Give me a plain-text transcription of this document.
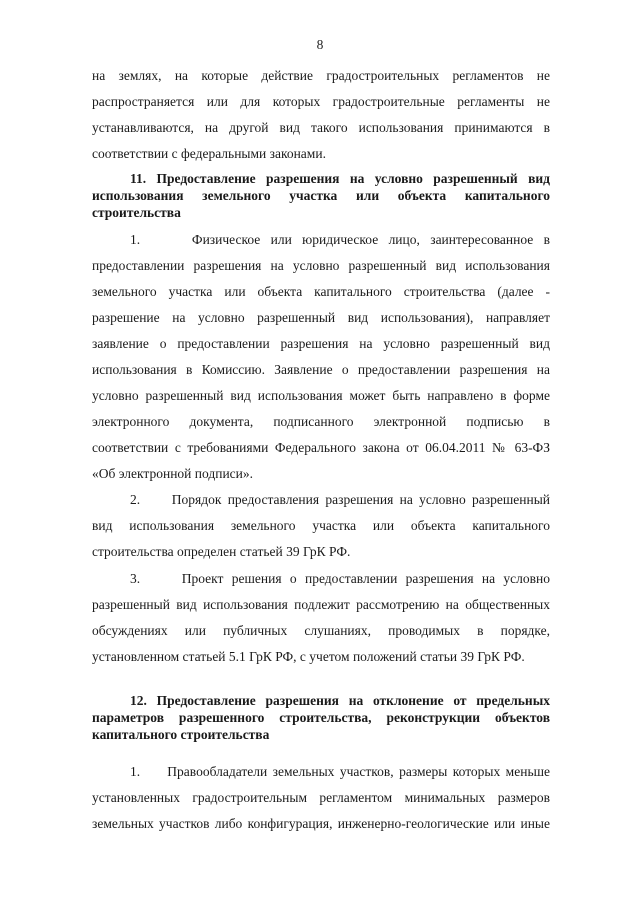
8

на землях, на которые действие градостроительных регламентов не

распространяется или для которых градостроительные регламенты не

устанавливаются, на другой вид такого использования принимаются в

соответствии с федеральными законами.

11. Предоставление разрешения на условно разрешенный вид

использования земельного участка или объекта капитального

строительства

1.     Физическое или юридическое лицо, заинтересованное в

предоставлении разрешения на условно разрешенный вид использования

земельного участка или объекта капитального строительства (далее -

разрешение на условно разрешенный вид использования), направляет

заявление о предоставлении разрешения на условно разрешенный вид

использования в Комиссию. Заявление о предоставлении разрешения на

условно разрешенный вид использования может быть направлено в форме

электронного документа, подписанного электронной подписью в

соответствии с требованиями Федерального закона от 06.04.2011 № 63-ФЗ

«Об электронной подписи».

2.     Порядок предоставления разрешения на условно разрешенный

вид использования земельного участка или объекта капитального

строительства определен статьей 39 ГрК РФ.

3.     Проект решения о предоставлении разрешения на условно

разрешенный вид использования подлежит рассмотрению на общественных

обсуждениях или публичных слушаниях, проводимых в порядке,

установленном статьей 5.1 ГрК РФ, с учетом положений статьи 39 ГрК РФ.

12. Предоставление разрешения на отклонение от предельных

параметров разрешенного строительства, реконструкции объектов

капитального строительства

1.     Правообладатели земельных участков, размеры которых меньше

установленных градостроительным регламентом минимальных размеров

земельных участков либо конфигурация, инженерно-геологические или иные
